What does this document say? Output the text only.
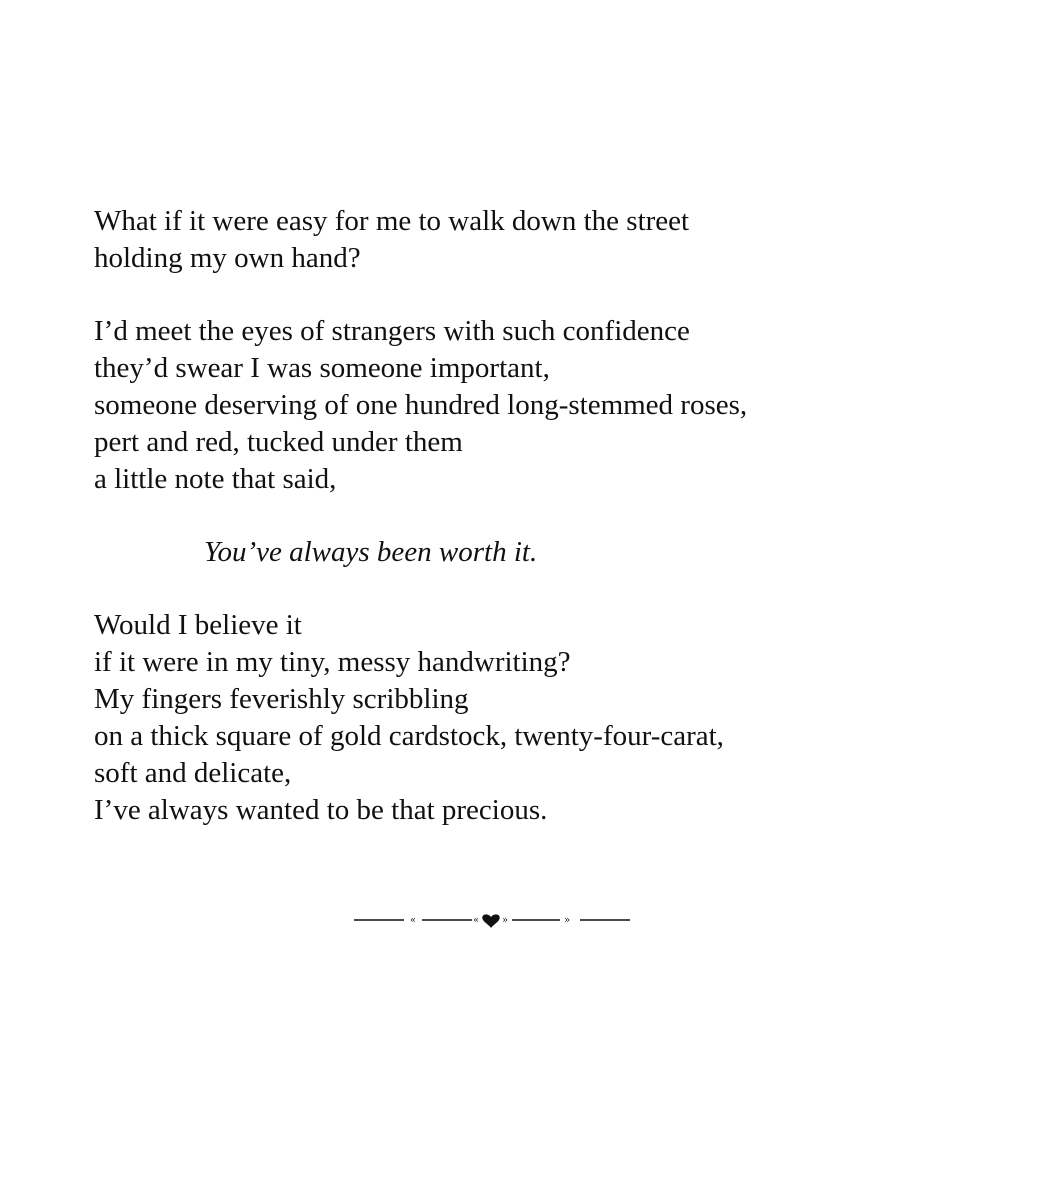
What if it were easy for me to walk down the street
holding my own hand?
I’d meet the eyes of strangers with such confidence
they’d swear I was someone important,
someone deserving of one hundred long-stemmed roses,
pert and red, tucked under them
a little note that said,
You’ve always been worth it.
Would I believe it
if it were in my tiny, messy handwriting?
My fingers feverishly scribbling
on a thick square of gold cardstock, twenty-four-carat,
soft and delicate,
I’ve always wanted to be that precious.
«	« »	»
